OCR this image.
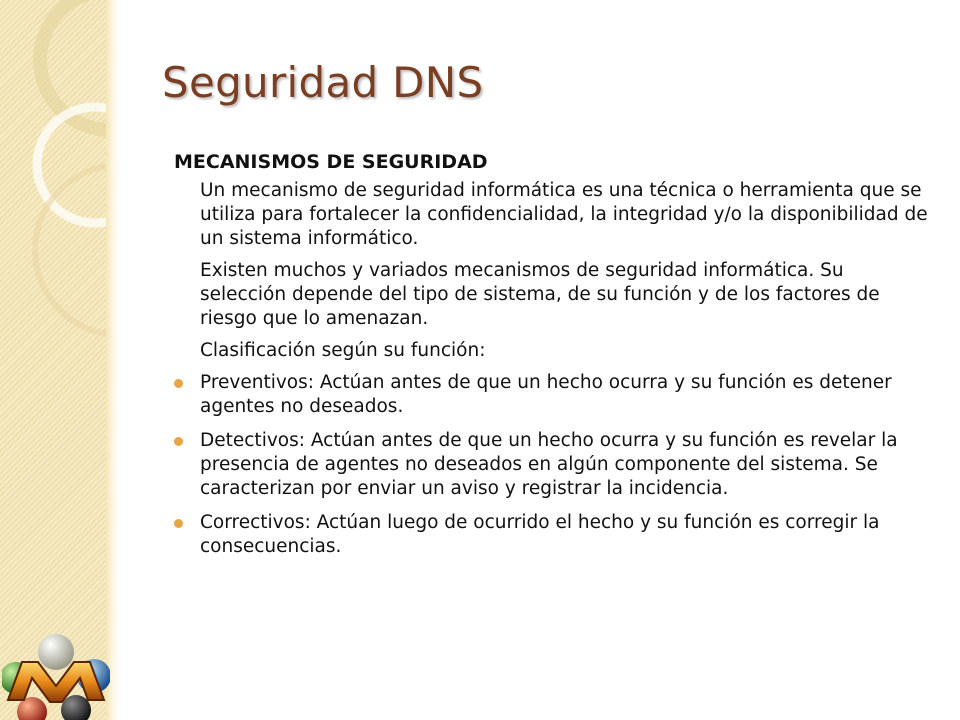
Seguridad DNS
MECANISMOS DE SEGURIDAD
Un mecanismo de seguridad informática es una técnica o herramienta que se utiliza para fortalecer la confidencialidad, la integridad y/o la disponibilidad de un sistema informático.
Existen muchos y variados mecanismos de seguridad informática. Su selección depende del tipo de sistema, de su función y de los factores de riesgo que lo amenazan.
Clasificación según su función:
Preventivos: Actúan antes de que un hecho ocurra y su función es detener agentes no deseados.
Detectivos: Actúan antes de que un hecho ocurra y su función es revelar la presencia de agentes no deseados en algún componente del sistema. Se caracterizan por enviar un aviso y registrar la incidencia.
Correctivos: Actúan luego de ocurrido el hecho y su función es corregir la consecuencias.
